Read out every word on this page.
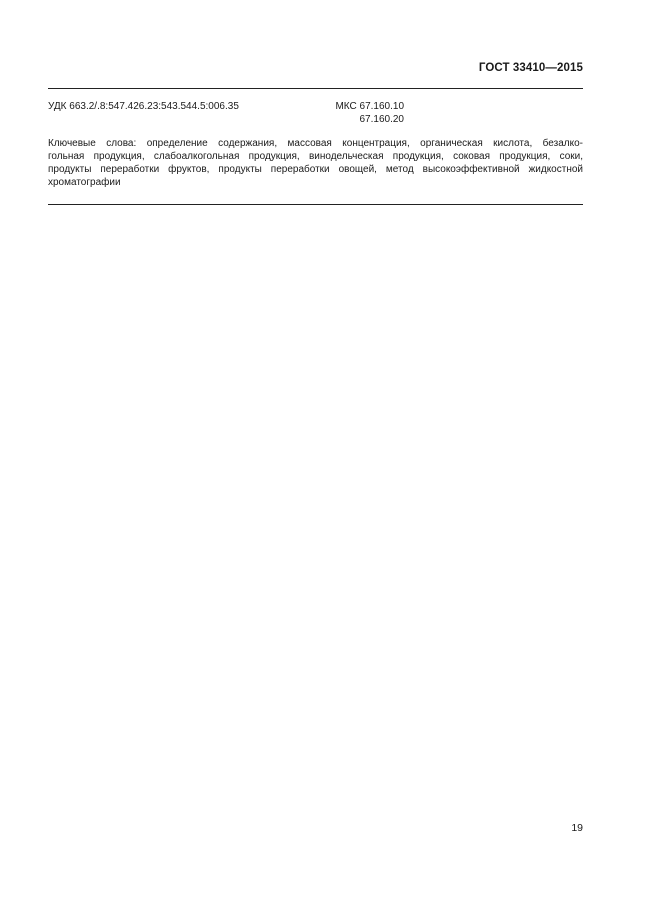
ГОСТ 33410—2015
УДК 663.2/.8:547.426.23:543.544.5:006.35	МКС 67.160.10
67.160.20
Ключевые слова: определение содержания, массовая концентрация, органическая кислота, безалко-
гольная продукция, слабоалкогольная продукция, винодельческая продукция, соковая продукция, соки,
продукты переработки фруктов, продукты переработки овощей, метод высокоэффективной жидкостной
хроматографии
19
